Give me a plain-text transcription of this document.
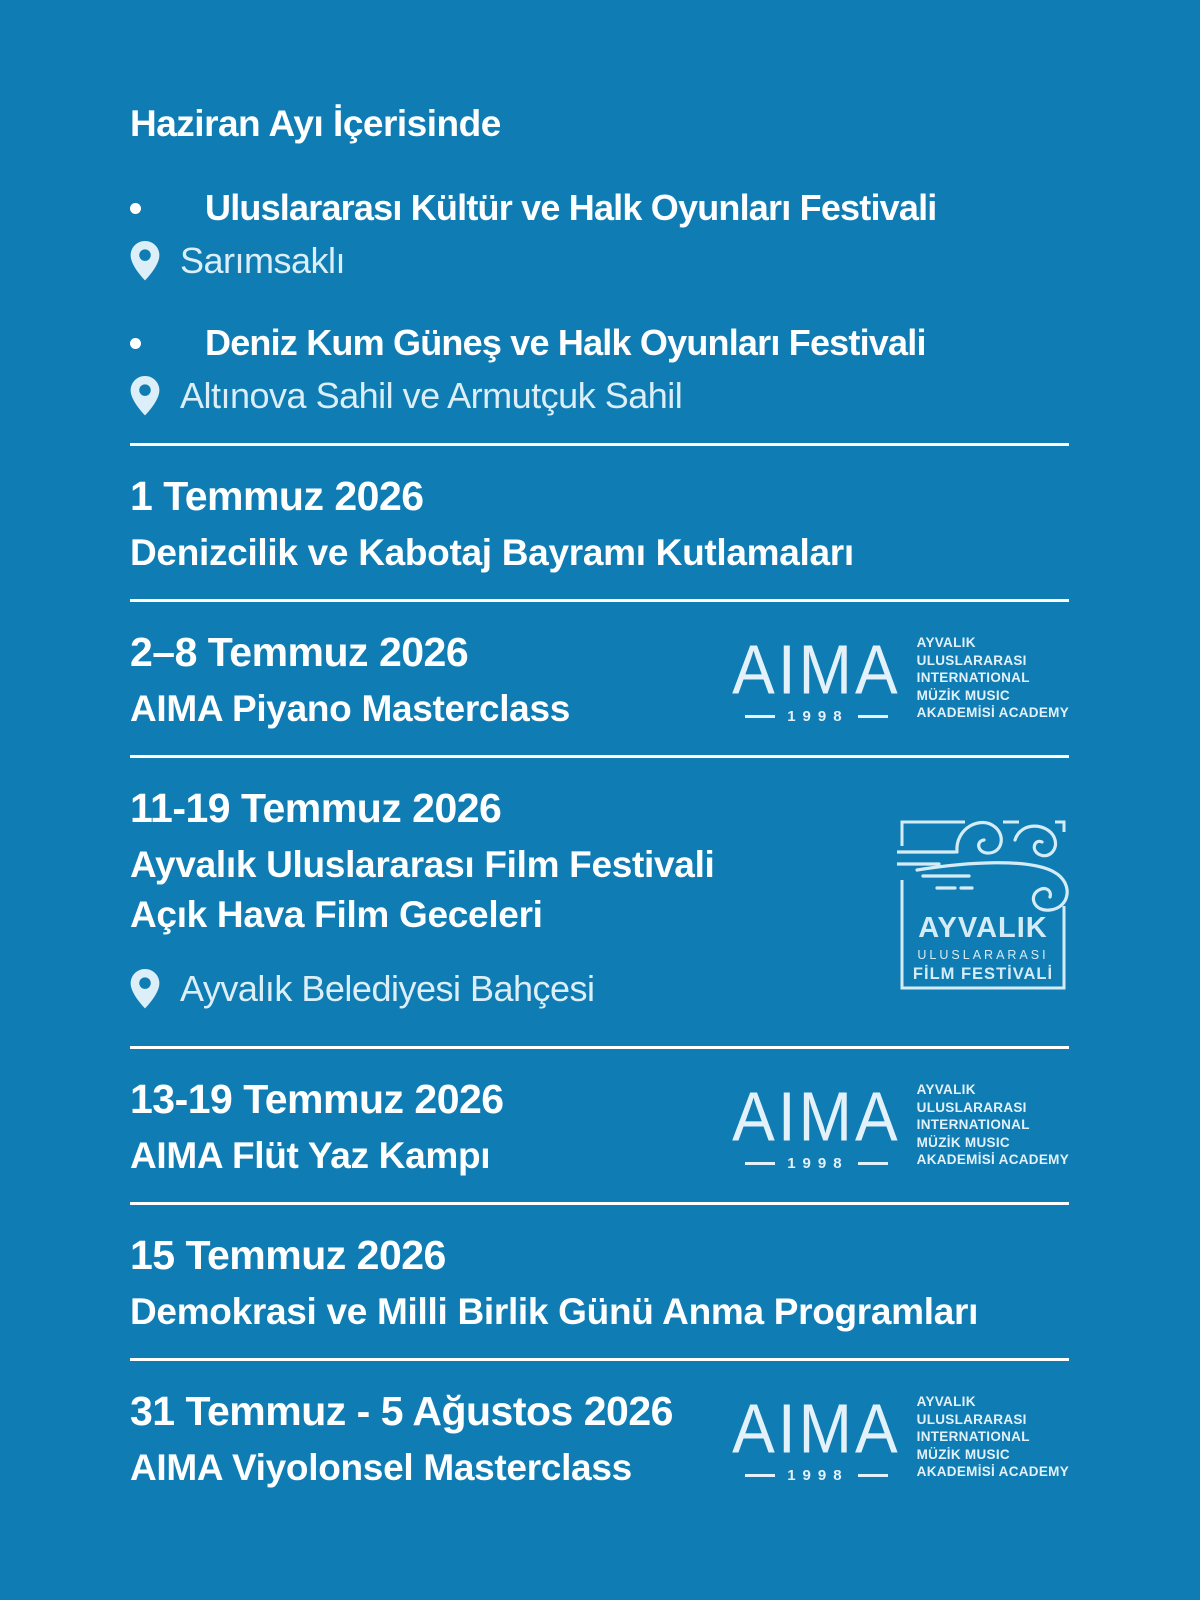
Haziran Ayı İçerisinde
Uluslararası Kültür ve Halk Oyunları Festivali
Sarımsaklı
Deniz Kum Güneş ve Halk Oyunları Festivali
Altınova Sahil ve Armutçuk Sahil
1 Temmuz 2026
Denizcilik ve Kabotaj Bayramı Kutlamaları
2–8 Temmuz 2026
AIMA Piyano Masterclass
AIMA
1998
AYVALIK
ULUSLARARASI
INTERNATIONAL
MÜZİK MUSIC
AKADEMİSİ ACADEMY
11-19 Temmuz 2026
Ayvalık Uluslararası Film Festivali
Açık Hava Film Geceleri
Ayvalık Belediyesi Bahçesi
AYVALIK
ULUSLARARASI
FİLM FESTİVALİ
13-19 Temmuz 2026
AIMA Flüt Yaz Kampı
AIMA
1998
AYVALIK
ULUSLARARASI
INTERNATIONAL
MÜZİK MUSIC
AKADEMİSİ ACADEMY
15 Temmuz 2026
Demokrasi ve Milli Birlik Günü Anma Programları
31 Temmuz - 5 Ağustos 2026
AIMA Viyolonsel Masterclass
AIMA
1998
AYVALIK
ULUSLARARASI
INTERNATIONAL
MÜZİK MUSIC
AKADEMİSİ ACADEMY
